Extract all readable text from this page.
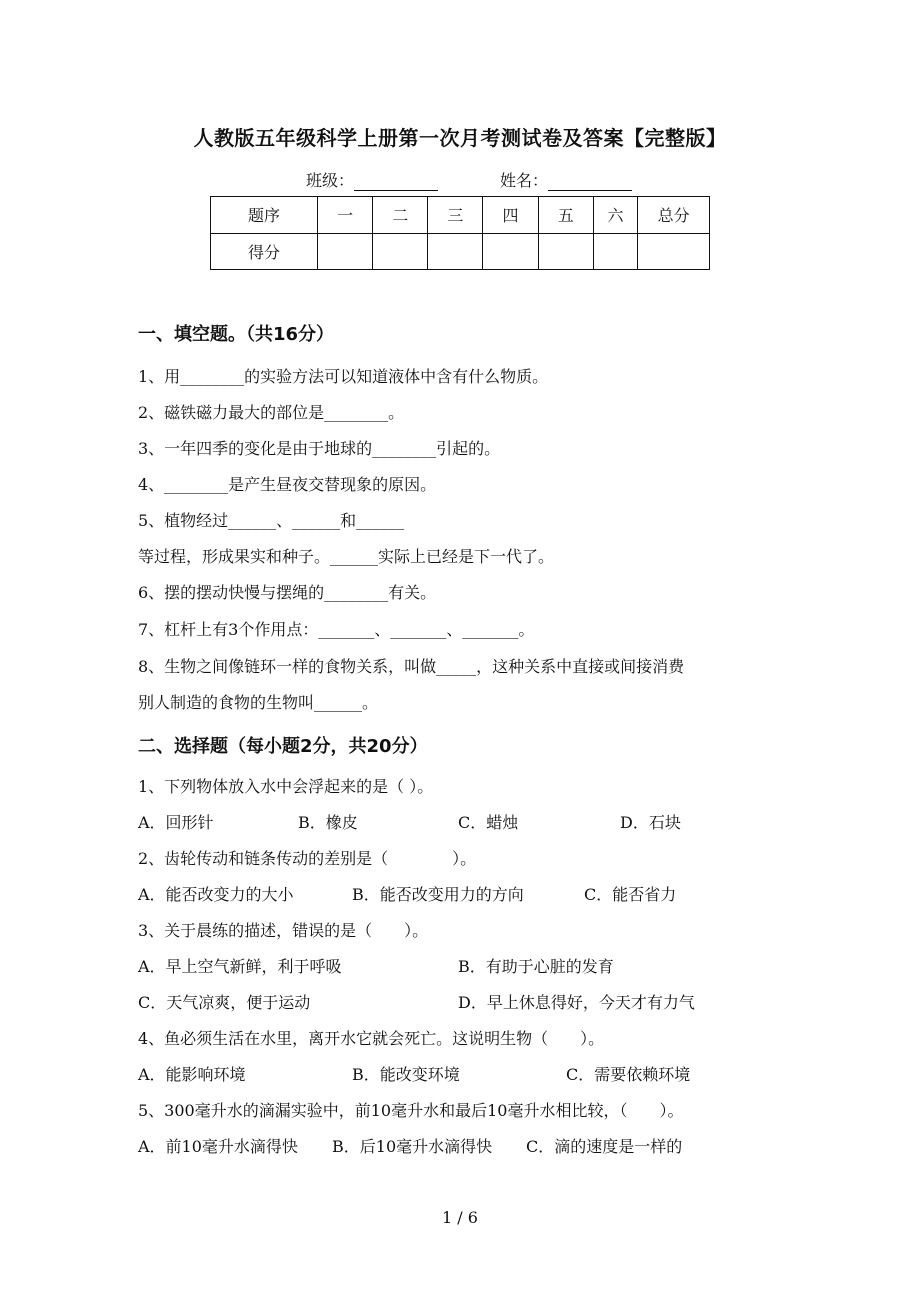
人教版五年级科学上册第一次月考测试卷及答案【完整版】
班级：	姓名：
题序	一	二	三	四	五	六	总分
得分							
一、填空题。（共16分）
1、用________的实验方法可以知道液体中含有什么物质。
2、磁铁磁力最大的部位是________。
3、一年四季的变化是由于地球的________引起的。
4、________是产生昼夜交替现象的原因。
5、植物经过______、______和______
等过程，形成果实和种子。______实际上已经是下一代了。
6、摆的摆动快慢与摆绳的________有关。
7、杠杆上有3个作用点：_______、_______、_______。
8、生物之间像链环一样的食物关系，叫做_____，这种关系中直接或间接消费
别人制造的食物的生物叫______。
二、选择题（每小题2分，共20分）
1、下列物体放入水中会浮起来的是（ ）。
A．回形针	B．橡皮	C．蜡烛	D．石块
2、齿轮传动和链条传动的差别是（　　　　）。
A．能否改变力的大小	B．能否改变用力的方向	C．能否省力
3、关于晨练的描述，错误的是（　　）。
A．早上空气新鲜，利于呼吸	B．有助于心脏的发育
C．天气凉爽，便于运动	D．早上休息得好，今天才有力气
4、鱼必须生活在水里，离开水它就会死亡。这说明生物（　　）。
A．能影响环境	B．能改变环境	C．需要依赖环境
5、300毫升水的滴漏实验中，前10毫升水和最后10毫升水相比较，（　　）。
A．前10毫升水滴得快 B．后10毫升水滴得快 C．滴的速度是一样的
1 / 6
